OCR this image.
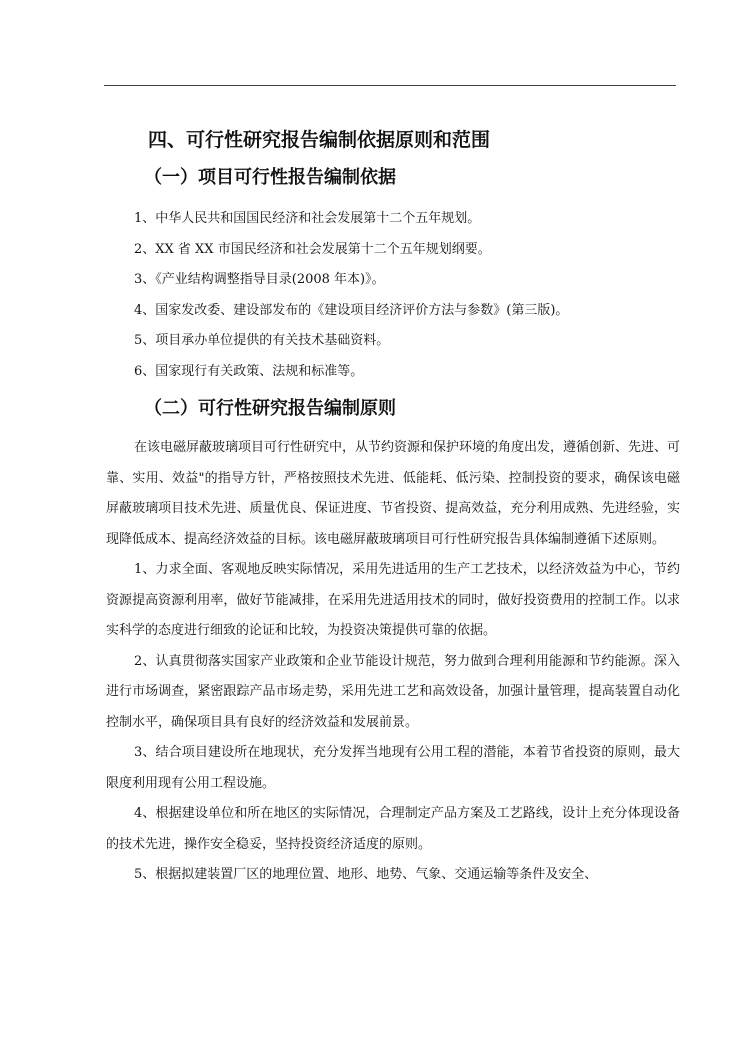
四、可行性研究报告编制依据原则和范围
（一）项目可行性报告编制依据
1、中华人民共和国国民经济和社会发展第十二个五年规划。
2、XX 省 XX 市国民经济和社会发展第十二个五年规划纲要。
3、《产业结构调整指导目录(2008 年本)》。
4、国家发改委、建设部发布的《建设项目经济评价方法与参数》(第三版)。
5、项目承办单位提供的有关技术基础资料。
6、国家现行有关政策、法规和标准等。
（二）可行性研究报告编制原则

在该电磁屏蔽玻璃项目可行性研究中，从节约资源和保护环境的角度出发，遵循创新、先进、可靠、实用、效益"的指导方针，严格按照技术先进、低能耗、低污染、控制投资的要求，确保该电磁屏蔽玻璃项目技术先进、质量优良、保证进度、节省投资、提高效益，充分利用成熟、先进经验，实现降低成本、提高经济效益的目标。该电磁屏蔽玻璃项目可行性研究报告具体编制遵循下述原则。

1、力求全面、客观地反映实际情况，采用先进适用的生产工艺技术，以经济效益为中心，节约资源提高资源利用率，做好节能减排，在采用先进适用技术的同时，做好投资费用的控制工作。以求实科学的态度进行细致的论证和比较，为投资决策提供可靠的依据。

2、认真贯彻落实国家产业政策和企业节能设计规范，努力做到合理利用能源和节约能源。深入进行市场调查，紧密跟踪产品市场走势，采用先进工艺和高效设备，加强计量管理，提高装置自动化控制水平，确保项目具有良好的经济效益和发展前景。

3、结合项目建设所在地现状，充分发挥当地现有公用工程的潜能，本着节省投资的原则，最大限度利用现有公用工程设施。

4、根据建设单位和所在地区的实际情况，合理制定产品方案及工艺路线，设计上充分体现设备的技术先进，操作安全稳妥，坚持投资经济适度的原则。

5、根据拟建装置厂区的地理位置、地形、地势、气象、交通运输等条件及安全、
